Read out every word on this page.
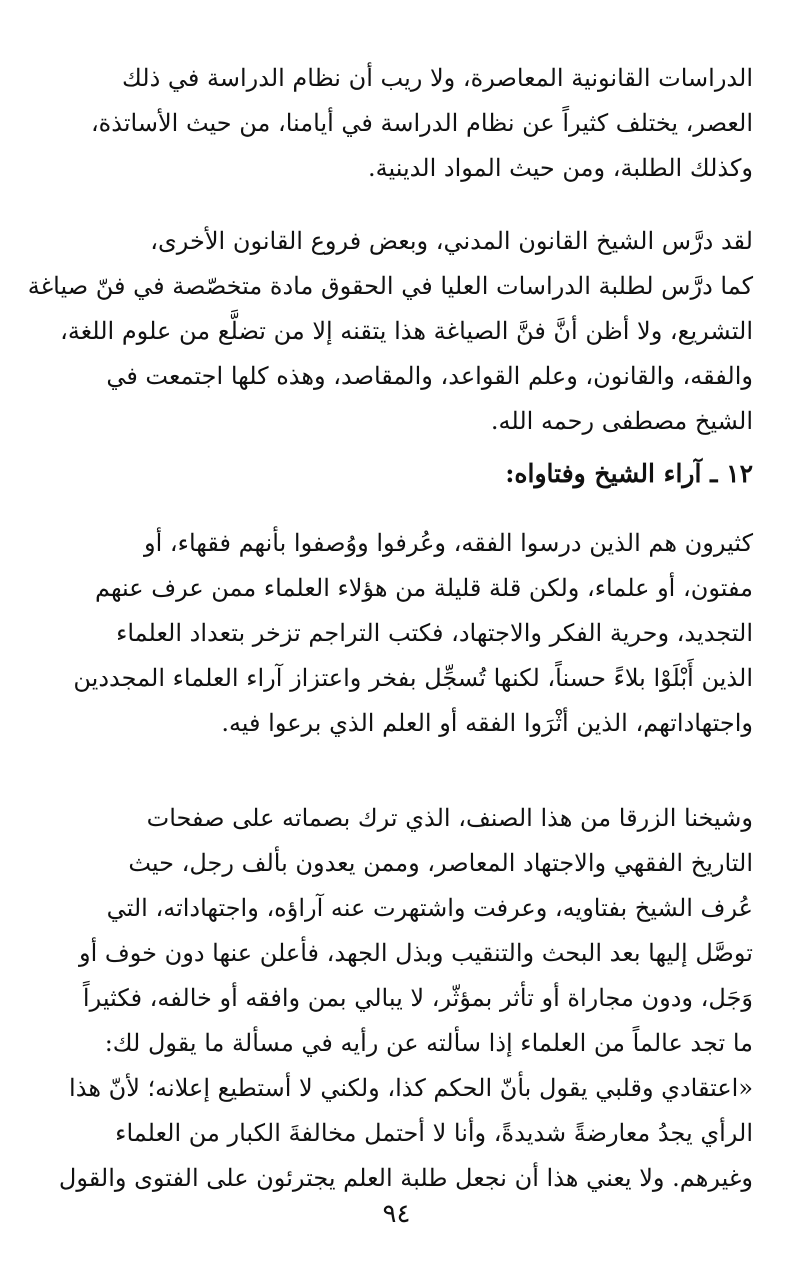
الدراسات القانونية المعاصرة، ولا ريب أن نظام الدراسة في ذلك
العصر، يختلف كثيراً عن نظام الدراسة في أيامنا، من حيث الأساتذة،
وكذلك الطلبة، ومن حيث المواد الدينية.
لقد درَّس الشيخ القانون المدني، وبعض فروع القانون الأخرى،
كما درَّس لطلبة الدراسات العليا في الحقوق مادة متخصّصة في فنّ صياغة
التشريع، ولا أظن أنَّ فنَّ الصياغة هذا يتقنه إلا من تضلَّع من علوم اللغة،
والفقه، والقانون، وعلم القواعد، والمقاصد، وهذه كلها اجتمعت في
الشيخ مصطفى رحمه الله.
١٢ ـ آراء الشيخ وفتاواه:
كثيرون هم الذين درسوا الفقه، وعُرفوا ووُصفوا بأنهم فقهاء، أو
مفتون، أو علماء، ولكن قلة قليلة من هؤلاء العلماء ممن عرف عنهم
التجديد، وحرية الفكر والاجتهاد، فكتب التراجم تزخر بتعداد العلماء
الذين أَبْلَوْا بلاءً حسناً، لكنها تُسجِّل بفخر واعتزاز آراء العلماء المجددين
واجتهاداتهم، الذين أثْرَوا الفقه أو العلم الذي برعوا فيه.
وشيخنا الزرقا من هذا الصنف، الذي ترك بصماته على صفحات
التاريخ الفقهي والاجتهاد المعاصر، وممن يعدون بألف رجل، حيث
عُرف الشيخ بفتاويه، وعرفت واشتهرت عنه آراؤه، واجتهاداته، التي
توصَّل إليها بعد البحث والتنقيب وبذل الجهد، فأعلن عنها دون خوف أو
وَجَل، ودون مجاراة أو تأثر بمؤثّر، لا يبالي بمن وافقه أو خالفه، فكثيراً
ما تجد عالماً من العلماء إذا سألته عن رأيه في مسألة ما يقول لك:
«اعتقادي وقلبي يقول بأنّ الحكم كذا، ولكني لا أستطيع إعلانه؛ لأنّ هذا
الرأي يجدُ معارضةً شديدةً، وأنا لا أحتمل مخالفةَ الكبار من العلماء
وغيرهم. ولا يعني هذا أن نجعل طلبة العلم يجترئون على الفتوى والقول
٩٤
